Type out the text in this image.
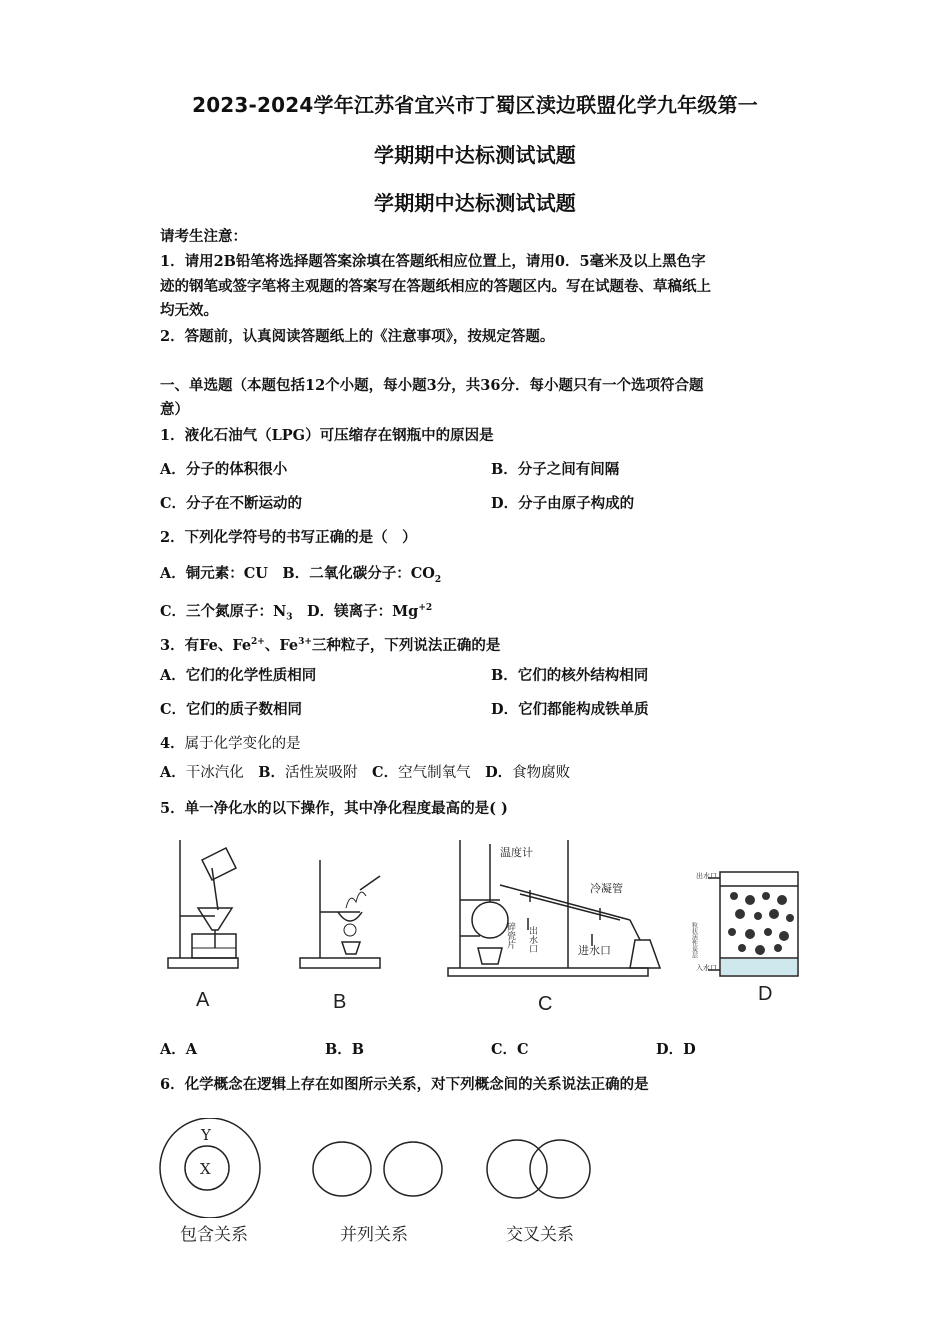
2023-2024学年江苏省宜兴市丁蜀区渎边联盟化学九年级第一
学期期中达标测试试题
学期期中达标测试试题
请考生注意：
1．请用2B铅笔将选择题答案涂填在答题纸相应位置上，请用0．5毫米及以上黑色字
迹的钢笔或签字笔将主观题的答案写在答题纸相应的答题区内。写在试题卷、草稿纸上
均无效。
2．答题前，认真阅读答题纸上的《注意事项》，按规定答题。
一、单选题（本题包括12个小题，每小题3分，共36分．每小题只有一个选项符合题
意）
1．液化石油气（LPG）可压缩存在钢瓶中的原因是
A．分子的体积很小	B．分子之间有间隔
C．分子在不断运动的	D．分子由原子构成的
2．下列化学符号的书写正确的是（　）
A．铜元素：CU　B．二氧化碳分子：$CO_2$
C．三个氮原子：$N_3$　D．镁离子：$Mg^{+2}$
3．有Fe、$Fe^{2+}$、$Fe^{3+}$三种粒子，下列说法正确的是
A．它们的化学性质相同	B．它们的核外结构相同
C．它们的质子数相同	D．它们都能构成铁单质
4．属于化学变化的是
A．干冰汽化　 B．活性炭吸附　 C．空气制氧气　 D．食物腐败
5．单一净化水的以下操作，其中净化程度最高的是( )
A	B
温度计
冷凝管
碎瓷片 出水口	进水口
C
出水口
粒状活性炭层
入水口
D
A．A	B．B	C．C	D．D
6．化学概念在逻辑上存在如图所示关系，对下列概念间的关系说法正确的是
Y
X
包含关系	并列关系	交叉关系
